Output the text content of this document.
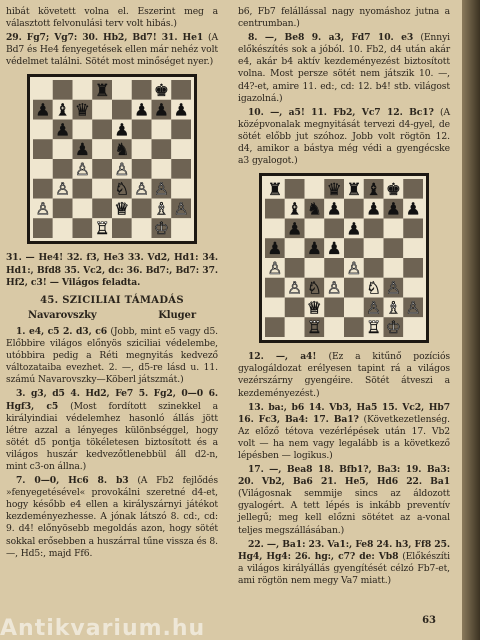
hibát követett volna el. Eszerint meg a választott felvonulási terv volt hibás.)

29. Fg7; Vg7: 30. Hb2, Bd7! 31. He1 (A Bd7 és He4 fenyegetések ellen már nehéz volt védelmet találni. Sötét most minőséget nyer.)

♜	♚
♟ ♝ ♛	♟ ♟ ♟
♟	♟
♟ ♞
♙ ♙
♙	♘ ♙ ♙
♙	♕ ♗ ♙
♖	♔

31. — He4! 32. f3, He3 33. Vd2, Hd1: 34. Hd1:, Bfd8 35. Vc2, dc: 36. Bd7:, Bd7: 37. Hf2, c3! — Világos feladta.

45. SZICILIAI TÁMADÁS
Navarovszky	Kluger

1. e4, c5 2. d3, c6 (Jobb, mint e5 vagy d5. Előbbire világos előnyös sziciliai védelembe, utóbbira pedig a Réti megnyitás kedvező változataiba evezhet. 2. —, d5-re lásd u. 11. számú Navarovszky—Köberl játszmát.)

3. g3, d5 4. Hd2, Fe7 5. Fg2, 0—0 6. Hgf3, c5 (Most fordított szinekkel a királyindiai védelemhez hasonló állás jött létre azzal a lényeges különbséggel, hogy sötét d5 pontja tökéletesen biztosított és a világos huszár kedvezőtlenebbül áll d2-n, mint c3-on állna.)

7. 0—0, Hc6 8. b3 (A Fb2 fejlődés »fenyegetésével« provokálni szeretné d4-et, hogy később e4 ellen a királyszárnyi játékot kezdeményezhesse. A jónak látszó 8. cd:, cd: 9. d4! előnyösebb megoldás azon, hogy sötét sokkal erősebben a huszárral tűne vissza és 8. —, Hd5:, majd Ff6.

b6, Fb7 felállással nagy nyomáshoz jutna a centrumban.)

8. —, Be8 9. a3, Fd7 10. e3 (Ennyi előkészítés sok a jóból. 10. Fb2, d4 után akár e4, akár b4 aktív kezdeményezést biztosított volna. Most persze sötét nem játszik 10. —, d4?-et, amire 11. ed:, cd: 12. b4! stb. világost igazolná.)

10. —, a5! 11. Fb2, Vc7 12. Bc1? (A középvonalak megnyitását tervezi d4-gyel, de sötét előbb jut szóhoz. Jobb volt rögtön 12. d4, amikor a bástya még védi a gyengécske a3 gyalogot.)

♜	♛ ♜ ♝ ♚
♝ ♞ ♟ ♟ ♟ ♟
♟	♟
♟ ♟ ♟
♙	♙
♙ ♘ ♙ ♘ ♙
♕	♙ ♗ ♙
♖	♖ ♔

12. —, a4! (Ez a kitűnő pozíciós gyalogáldozat erélyesen tapint rá a világos vezérszárny gyengéire. Sötét átveszi a kezdeményezést.)

13. ba:, b6 14. Vb3, Ha5 15. Vc2, Hb7 16. Fc3, Ba4: 17. Ba1? (Következetlenség. Az előző tétova vezérlépések után 17. Vb2 volt — ha nem vagy legalább is a következő lépésben — logikus.)

17. —, Bea8 18. Bfb1?, Ba3: 19. Ba3: 20. Vb2, Ba6 21. He5, Hd6 22. Ba1 (Világosnak semmije sincs az áldozott gyalogért. A tett lépés is inkább preventív jellegű; meg kell előzni sötétet az a-vonal teljes megszállásában.)

22. —, Ba1: 23. Va1:, Fe8 24. h3, Ff8 25. Hg4, Hg4: 26. hg:, c7? de: Vb8 (Előkészíti a világos királyállás gyengítését célzó Fb7-et, ami rögtön nem megy Va7 miatt.)

63
Antikvarium.hu
